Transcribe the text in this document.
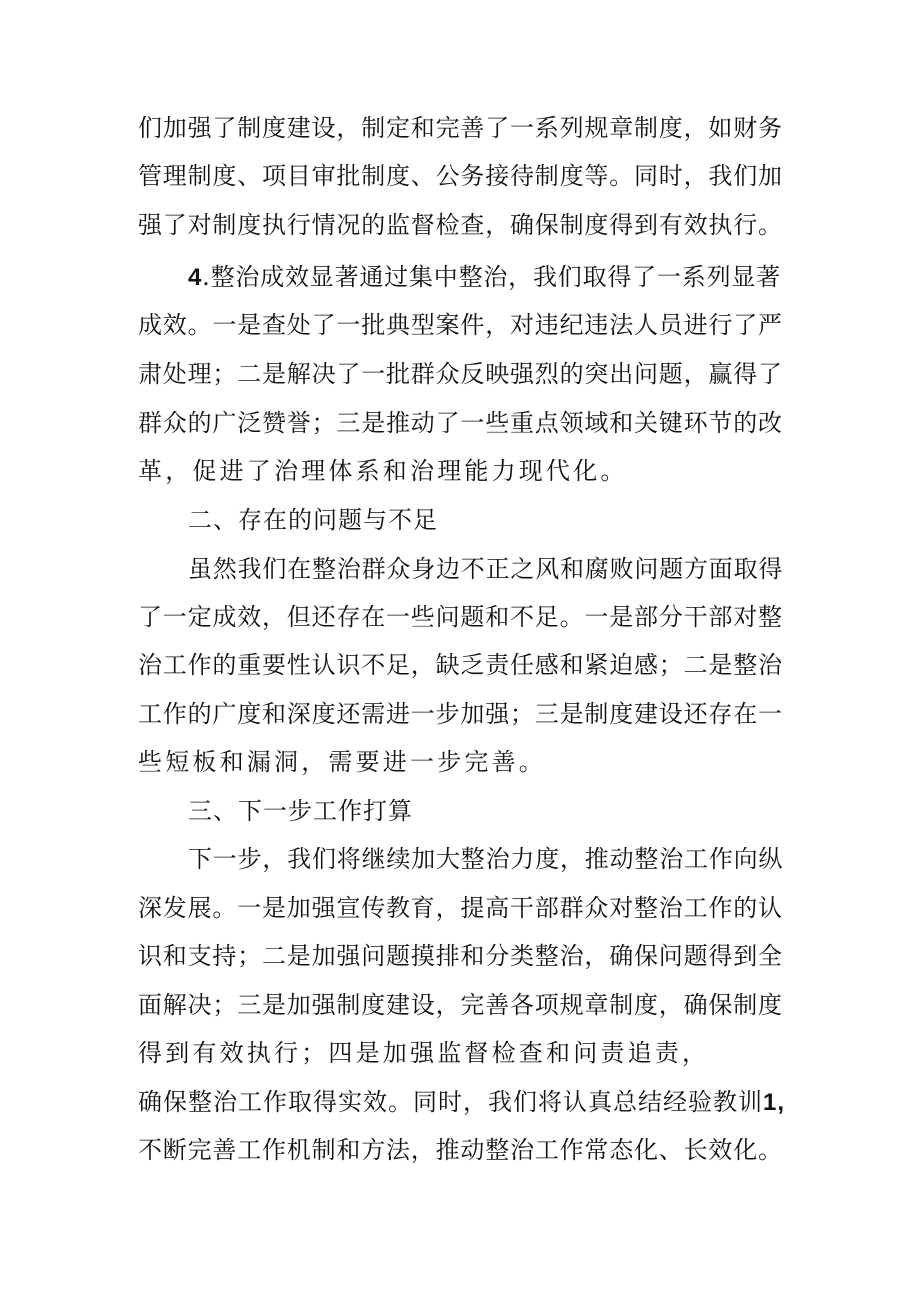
们加强了制度建设，制定和完善了一系列规章制度，如财务
管理制度、项目审批制度、公务接待制度等。同时，我们加
强了对制度执行情况的监督检查，确保制度得到有效执行。
4.整治成效显著通过集中整治，我们取得了一系列显著
成效。一是查处了一批典型案件，对违纪违法人员进行了严
肃处理；二是解决了一批群众反映强烈的突出问题，赢得了
群众的广泛赞誉；三是推动了一些重点领域和关键环节的改
革，促进了治理体系和治理能力现代化。
二、存在的问题与不足
虽然我们在整治群众身边不正之风和腐败问题方面取得
了一定成效，但还存在一些问题和不足。一是部分干部对整
治工作的重要性认识不足，缺乏责任感和紧迫感；二是整治
工作的广度和深度还需进一步加强；三是制度建设还存在一
些短板和漏洞，需要进一步完善。
三、下一步工作打算
下一步，我们将继续加大整治力度，推动整治工作向纵
深发展。一是加强宣传教育，提高干部群众对整治工作的认
识和支持；二是加强问题摸排和分类整治，确保问题得到全
面解决；三是加强制度建设，完善各项规章制度，确保制度
得到有效执行；四是加强监督检查和问责追责，
确保整治工作取得实效。同时，我们将认真总结经验教训1,
不断完善工作机制和方法，推动整治工作常态化、长效化。
